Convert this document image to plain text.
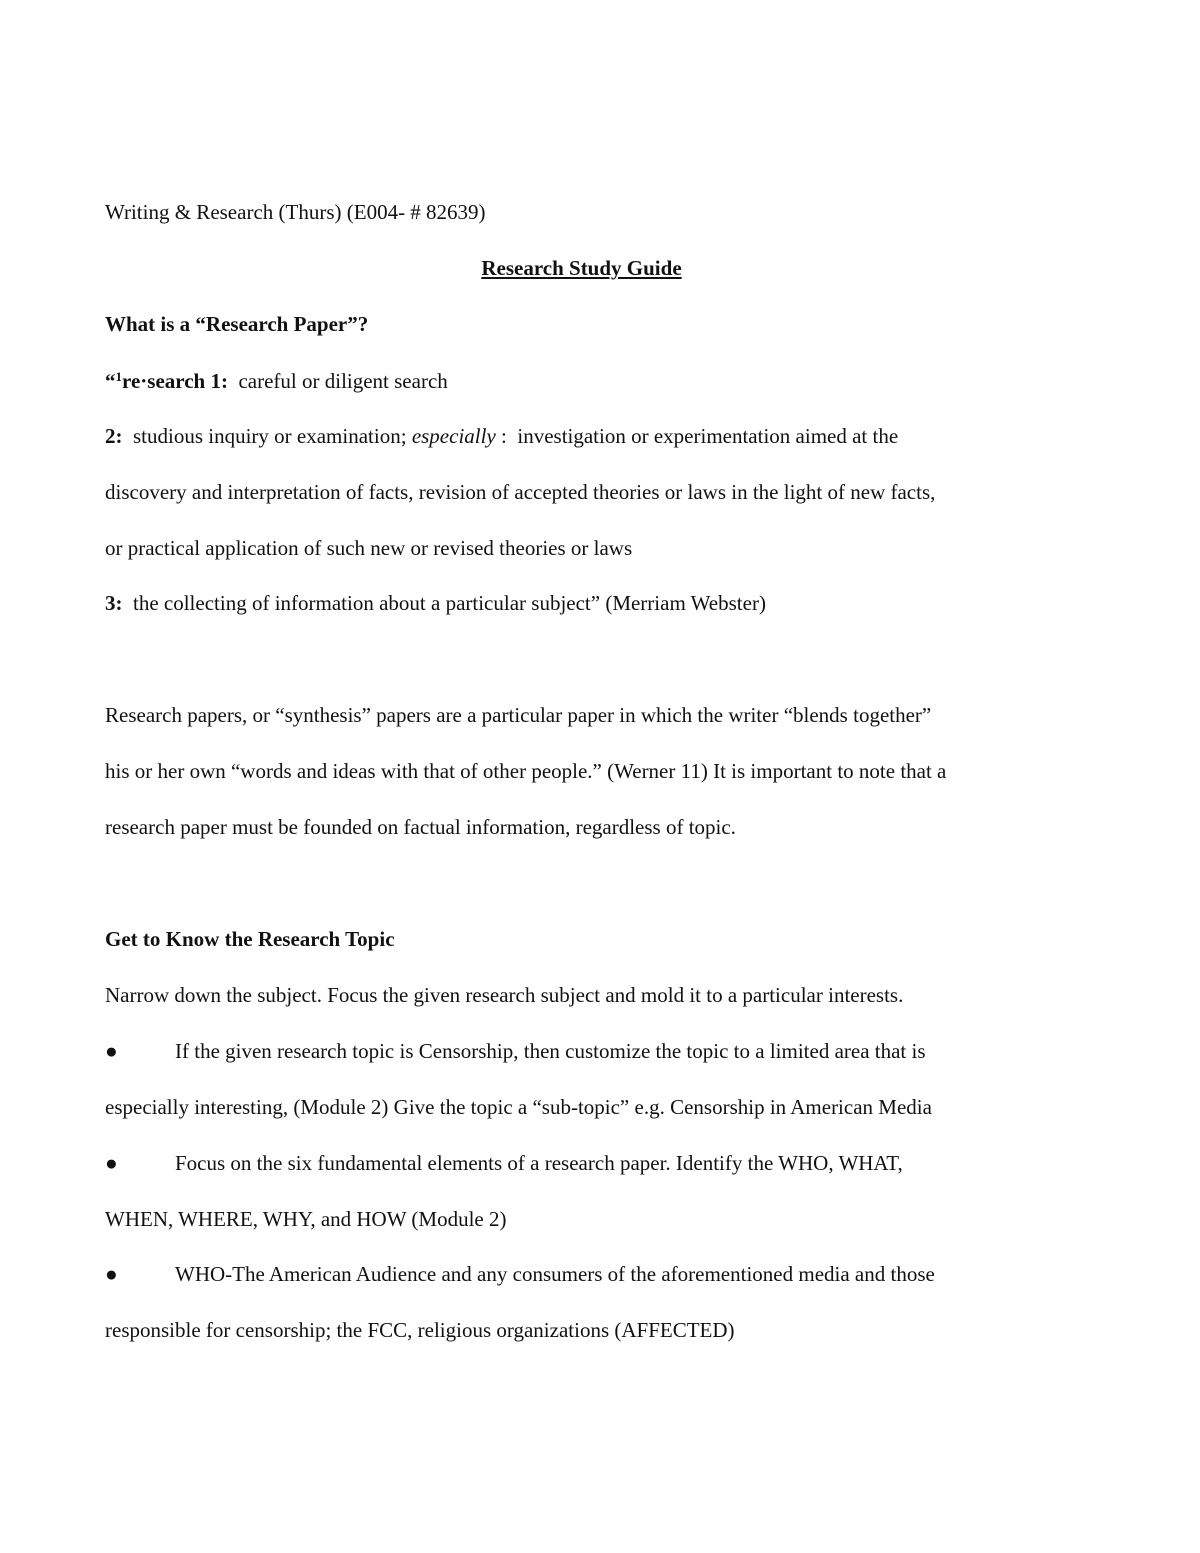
Writing & Research (Thurs) (E004- # 82639)
Research Study Guide
What is a “Research Paper”?
“$^1$re·search 1:  careful or diligent search
2:  studious inquiry or examination; especially :  investigation or experimentation aimed at the
discovery and interpretation of facts, revision of accepted theories or laws in the light of new facts,
or practical application of such new or revised theories or laws
3:  the collecting of information about a particular subject” (Merriam Webster)
Research papers, or “synthesis” papers are a particular paper in which the writer “blends together”
his or her own “words and ideas with that of other people.” (Werner 11) It is important to note that a
research paper must be founded on factual information, regardless of topic.
Get to Know the Research Topic
Narrow down the subject. Focus the given research subject and mold it to a particular interests.
●	If the given research topic is Censorship, then customize the topic to a limited area that is
especially interesting, (Module 2) Give the topic a “sub-topic” e.g. Censorship in American Media
●	Focus on the six fundamental elements of a research paper. Identify the WHO, WHAT,
WHEN, WHERE, WHY, and HOW (Module 2)
●	WHO-The American Audience and any consumers of the aforementioned media and those
responsible for censorship; the FCC, religious organizations (AFFECTED)
